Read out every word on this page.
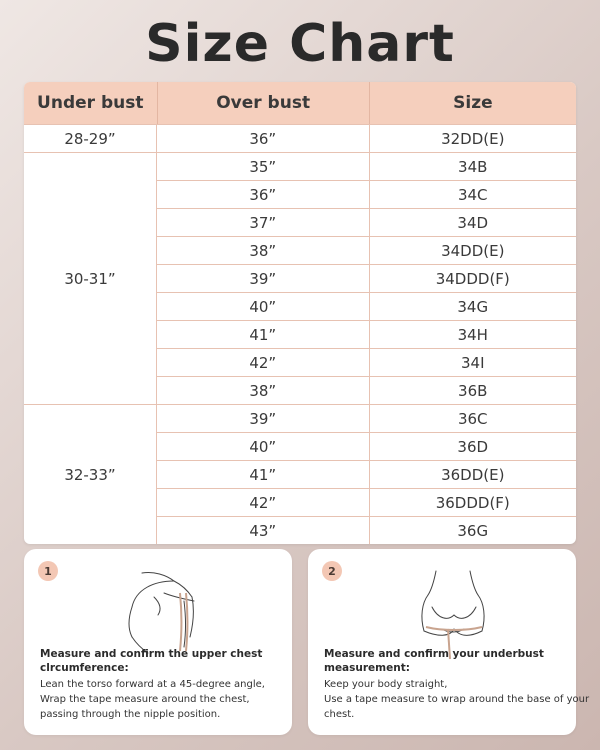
Size Chart
Under bust	Over bust	Size
28-29”	36”	32DD(E)
30-31”
35”	34B
36”	34C
37”	34D
38”	34DD(E)
39”	34DDD(F)
40”	34G
41”	34H
42”	34I
38”	36B
32-33”
39”	36C
40”	36D
41”	36DD(E)
42”	36DDD(F)
43”	36G
1
Measure and confirm the upper chest
clrcumference:
Lean the torso forward at a 45-degree angle,
Wrap the tape measure around the chest,
passing through the nipple position.
2
Measure and confirm your underbust
measurement:
Keep your body straight,
Use a tape measure to wrap around the base of your
chest.
